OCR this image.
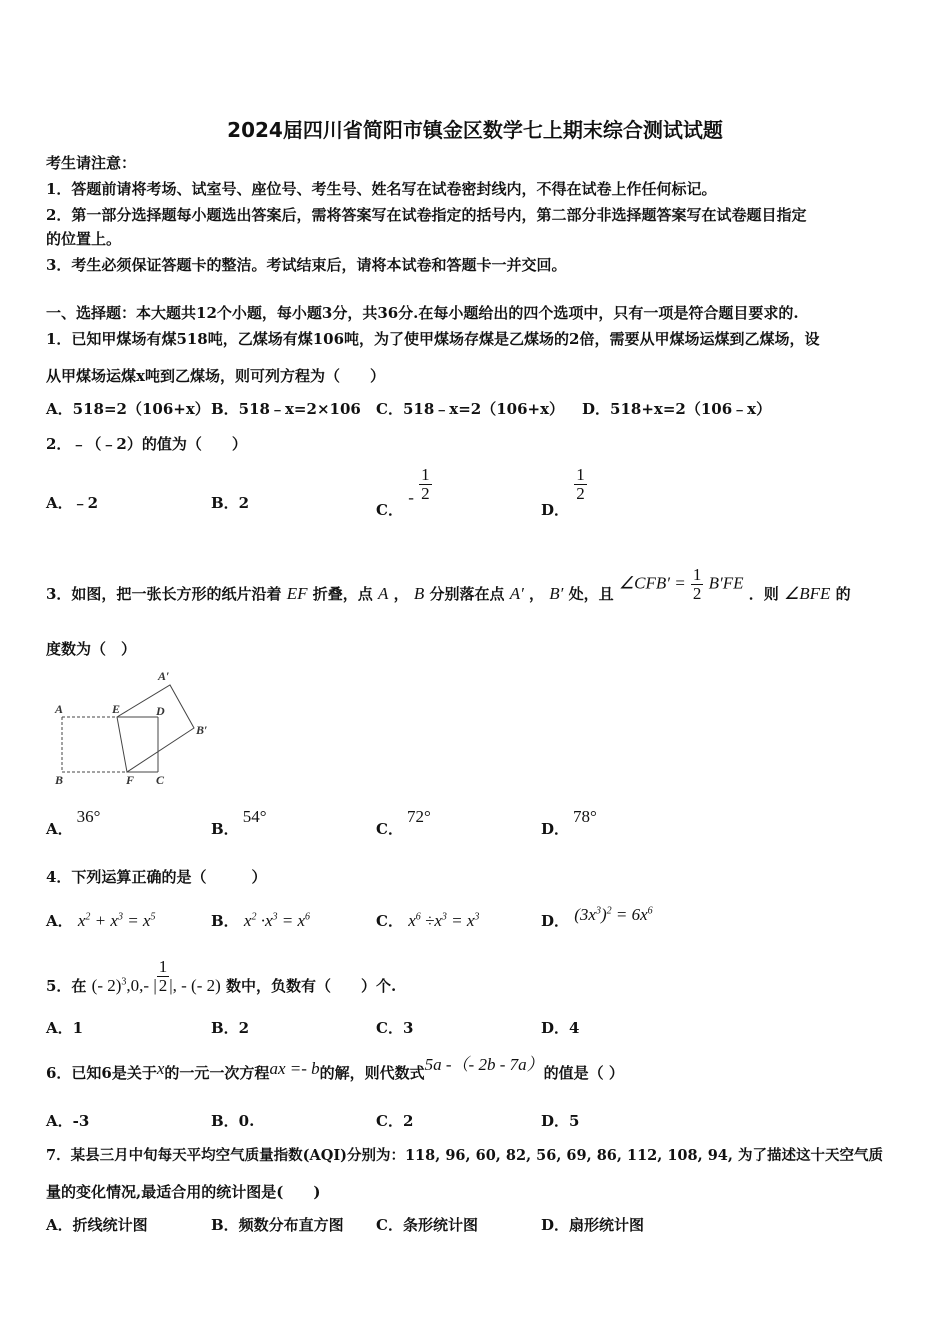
2024届四川省简阳市镇金区数学七上期末综合测试试题
考生请注意：
1．答题前请将考场、试室号、座位号、考生号、姓名写在试卷密封线内，不得在试卷上作任何标记。
2．第一部分选择题每小题选出答案后，需将答案写在试卷指定的括号内，第二部分非选择题答案写在试卷题目指定
的位置上。
3．考生必须保证答题卡的整洁。考试结束后，请将本试卷和答题卡一并交回。
一、选择题：本大题共12个小题，每小题3分，共36分.在每小题给出的四个选项中，只有一项是符合题目要求的.
1．已知甲煤场有煤518吨，乙煤场有煤106吨，为了使甲煤场存煤是乙煤场的2倍，需要从甲煤场运煤到乙煤场，设
从甲煤场运煤x吨到乙煤场，则可列方程为（　　）
A．518=2（106+x） B．518﹣x=2×106 C．518﹣x=2（106+x） D．518+x=2（106﹣x）
2．﹣（﹣2）的值为（　　）
A．﹣2	B．2	C． - $\frac{1}{2}$
D．
$\frac{1}{2}$
3．如图，把一张长方形的纸片沿着 EF 折叠，点 A ， B 分别落在点 A′ ， B′ 处，且 ∠CFB′ = $\frac{1}{2} B'FE$ ．则 ∠BFE 的
度数为（　）
A	E	D
A′
B′
B	F C
A．36°
B．54°
C．72°
D．78°
4．下列运算正确的是（　　　）
A． $x^2 + x^3 = x^5$	B． $x^2 \cdot x^3 = x^6$	C． $x^6 \div x^3 = x^3$	D． $(3x^3)^2 = 6x^6$
5．在 (- 2)$^3$,0,- | $\frac{1}{2}$ |, - (- 2) 数中，负数有（　　）个.
A．1	B．2	C．3	D．4
6．已知6是关于x的一元一次方程ax =- b的解，则代数式5a -（- 2b - 7a）的值是（ ）
A．-3	B．0.	C．2	D．5
7．某县三月中旬每天平均空气质量指数(AQI)分别为：118, 96, 60, 82, 56, 69, 86, 112, 108, 94, 为了描述这十天空气质
量的变化情况,最适合用的统计图是(　　)
A．折线统计图	B．频数分布直方图 C．条形统计图	D．扇形统计图
